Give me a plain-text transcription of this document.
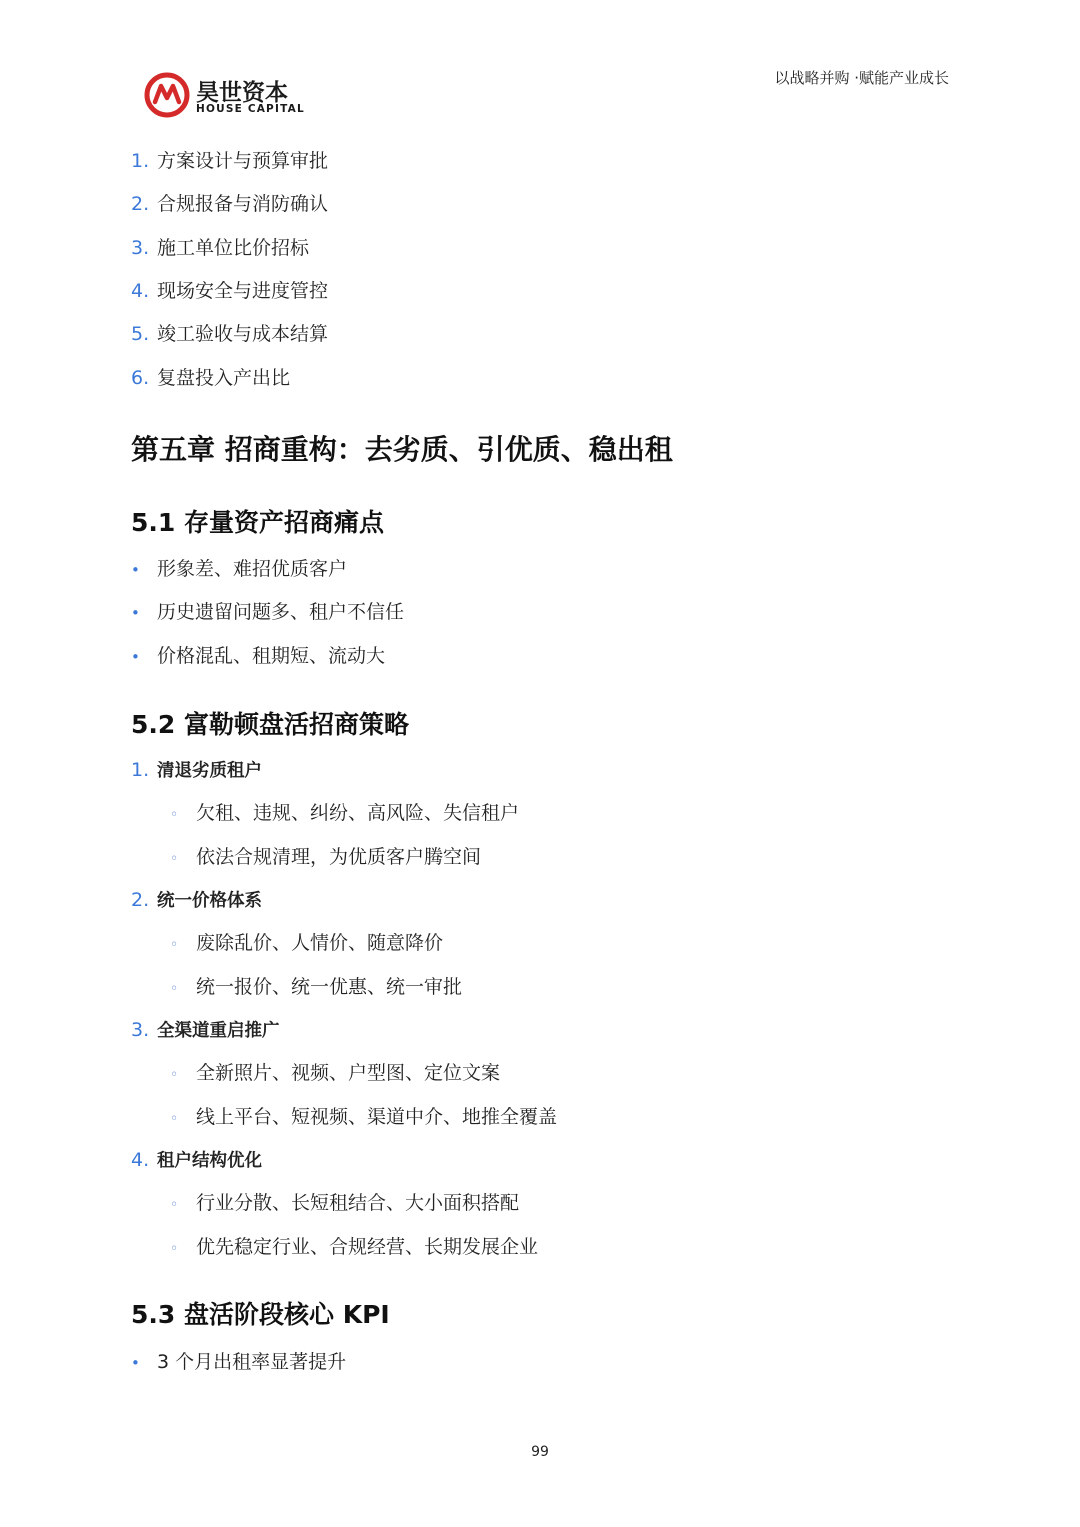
昊世资本
HOUSE CAPITAL
以战略并购 ·赋能产业成长
1. 方案设计与预算审批
2. 合规报备与消防确认
3. 施工单位比价招标
4. 现场安全与进度管控
5. 竣工验收与成本结算
6. 复盘投入产出比
第五章 招商重构：去劣质、引优质、稳出租
5.1 存量资产招商痛点
• 形象差、难招优质客户
• 历史遗留问题多、租户不信任
• 价格混乱、租期短、流动大
5.2 富勒顿盘活招商策略
1. 清退劣质租户
◦ 欠租、违规、纠纷、高风险、失信租户
◦ 依法合规清理，为优质客户腾空间
2. 统一价格体系
◦ 废除乱价、人情价、随意降价
◦ 统一报价、统一优惠、统一审批
3. 全渠道重启推广
◦ 全新照片、视频、户型图、定位文案
◦ 线上平台、短视频、渠道中介、地推全覆盖
4. 租户结构优化
◦ 行业分散、长短租结合、大小面积搭配
◦ 优先稳定行业、合规经营、长期发展企业
5.3 盘活阶段核心 KPI
• 3 个月出租率显著提升
99
